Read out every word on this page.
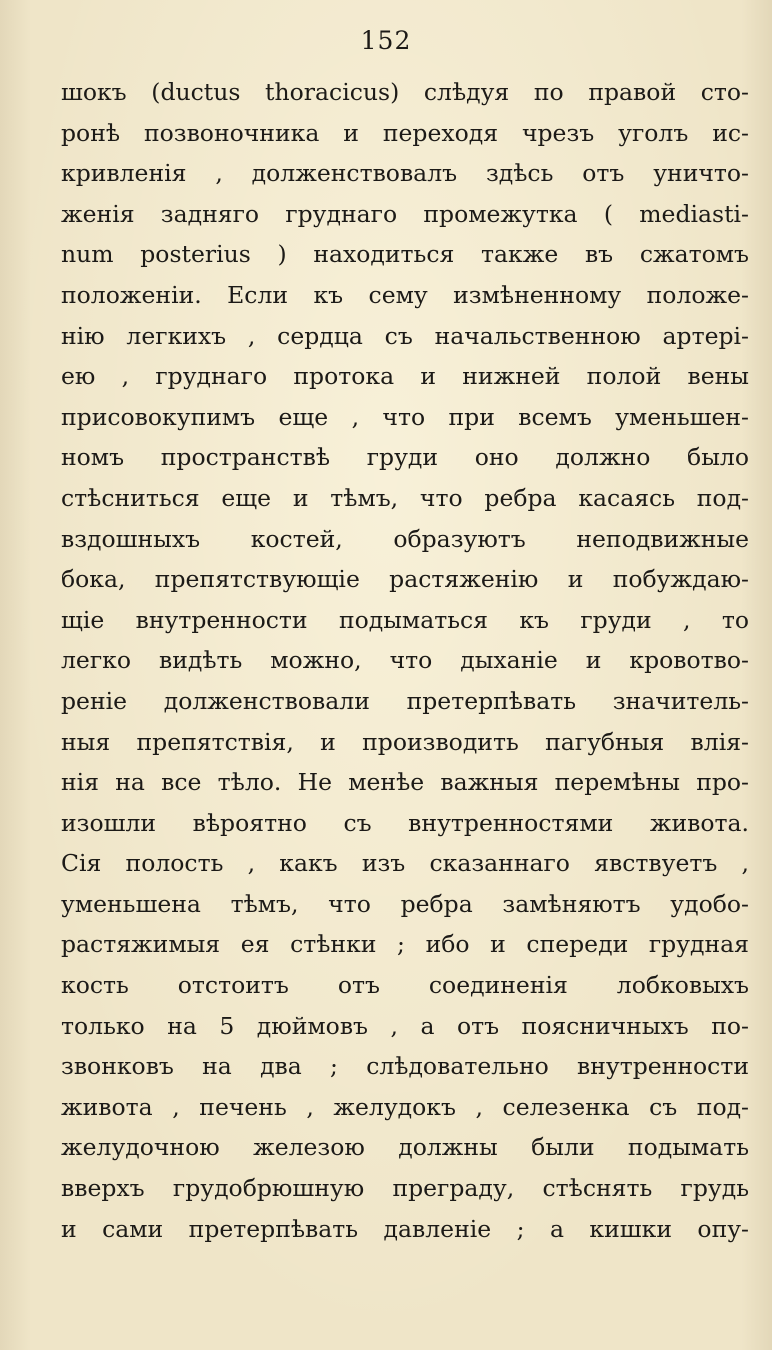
152
шокъ (ductus thoracicus) слѣдуя по правой сто-
ронѣ позвоночника и переходя чрезъ уголъ ис-
кривленія , долженствовалъ здѣсь отъ уничто-
женія задняго груднаго промежутка ( mediasti-
num posterius ) находиться также въ сжатомъ
положеніи. Если къ сему измѣненному положе-
нію легкихъ , сердца съ начальственною артері-
ею , груднаго протока и нижней полой вены
присовокупимъ еще , что при всемъ уменьшен-
номъ пространствѣ груди оно должно было
стѣсниться еще и тѣмъ, что ребра касаясь под-
вздошныхъ костей, образуютъ неподвижные
бока, препятствующіе растяженію и побуждаю-
щіе внутренности подыматься къ груди , то
легко видѣть можно, что дыханіе и кровотво-
реніе долженствовали претерпѣвать значитель-
ныя препятствія, и производить пагубныя влія-
нія на все тѣло. Не менѣе важныя перемѣны про-
изошли вѣроятно съ внутренностями живота.
Сія полость , какъ изъ сказаннаго явствуетъ ,
уменьшена тѣмъ, что ребра замѣняютъ удобо-
растяжимыя ея стѣнки ; ибо и спереди грудная
кость отстоитъ отъ соединенія лобковыхъ
только на 5 дюймовъ , а отъ поясничныхъ по-
звонковъ на два ; слѣдовательно внутренности
живота , печень , желудокъ , селезенка съ под-
желудочною железою должны были подымать
вверхъ грудобрюшную преграду, стѣснять грудь
и сами претерпѣвать давленіе ; а кишки опу-
